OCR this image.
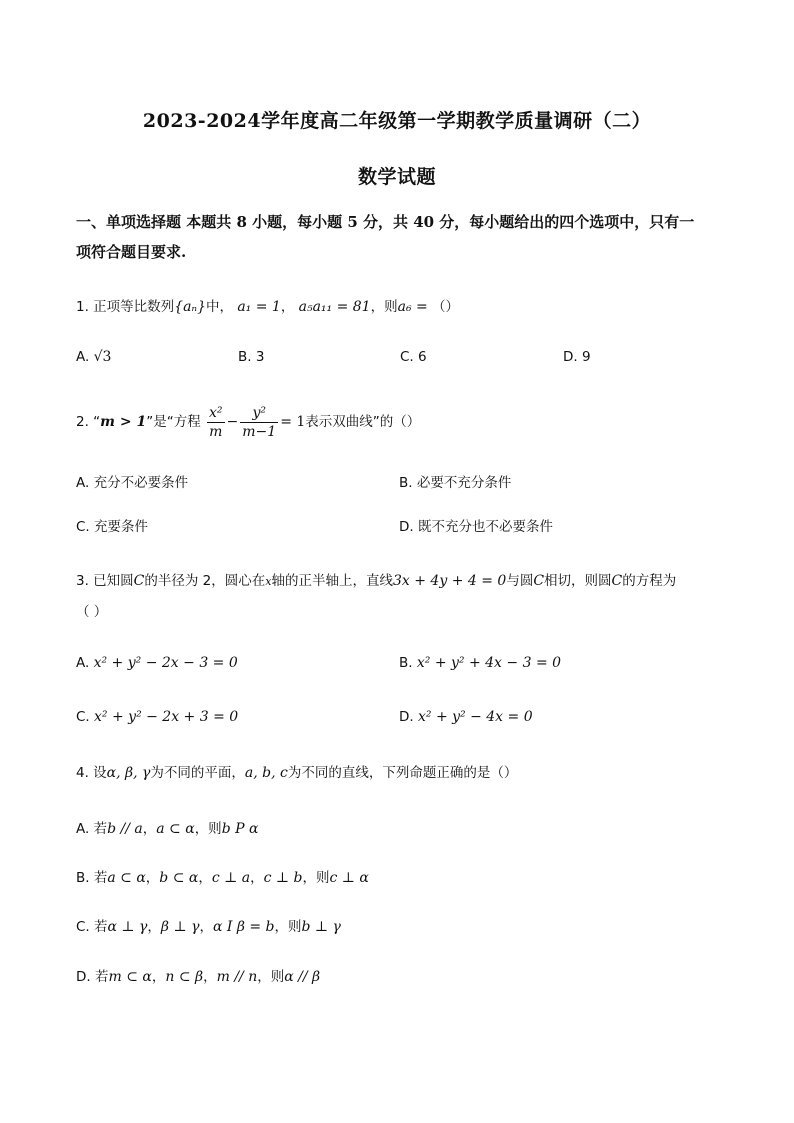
2023-2024学年度高二年级第一学期教学质量调研（二）
数学试题
一、单项选择题 本题共 8 小题，每小题 5 分，共 40 分，每小题给出的四个选项中，只有一
项符合题目要求.
1. 正项等比数列{aₙ}中， a₁ = 1， a₅a₁₁ = 81，则a₆ = （）
A. √3	B. 3	C. 6	D. 9
2. “m > 1”是“方程 $\frac{\text{x²}}{m} - \frac{\text{y²}}{m-1} = 1$表示双曲线”的（）
A. 充分不必要条件	B. 必要不充分条件
C. 充要条件	D. 既不充分也不必要条件
3. 已知圆C的半径为 2，圆心在x轴的正半轴上，直线3x + 4y + 4 = 0与圆C相切，则圆C的方程为
（ ）
A. x² + y² − 2x − 3 = 0	B. x² + y² + 4x − 3 = 0
C. x² + y² − 2x + 3 = 0	D. x² + y² − 4x = 0
4. 设α, β, γ为不同的平面，a, b, c为不同的直线，下列命题正确的是（）
A. 若b // a，a ⊂ α，则b P α
B. 若a ⊂ α，b ⊂ α，c ⊥ a，c ⊥ b，则c ⊥ α
C. 若α ⊥ γ，β ⊥ γ，α I β = b，则b ⊥ γ
D. 若m ⊂ α，n ⊂ β，m // n，则α // β
